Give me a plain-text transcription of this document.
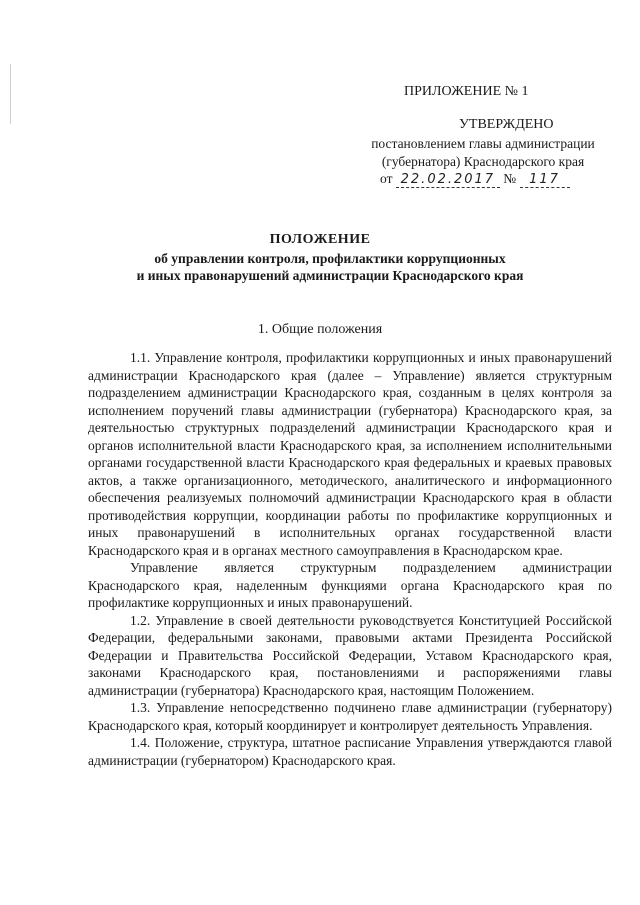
ПРИЛОЖЕНИЕ № 1
УТВЕРЖДЕНО
постановлением главы администрации
(губернатора) Краснодарского края
от 22.02.2017 № 117
ПОЛОЖЕНИЕ
об управлении контроля, профилактики коррупционных
и иных правонарушений администрации Краснодарского края
1. Общие положения

1.1. Управление контроля, профилактики коррупционных и иных правонарушений администрации Краснодарского края (далее – Управление) является структурным подразделением администрации Краснодарского края, созданным в целях контроля за исполнением поручений главы администрации (губернатора) Краснодарского края, за деятельностью структурных подразделений администрации Краснодарского края и органов исполнительной власти Краснодарского края, за исполнением исполнительными органами государственной власти Краснодарского края федеральных и краевых правовых актов, а также организационного, методического, аналитического и информационного обеспечения реализуемых полномочий администрации Краснодарского края в области противодействия коррупции, координации работы по профилактике коррупционных и иных правонарушений в исполнительных органах государственной власти Краснодарского края и в органах местного самоуправления в Краснодарском крае.

Управление является структурным подразделением администрации Краснодарского края, наделенным функциями органа Краснодарского края по профилактике коррупционных и иных правонарушений.

1.2. Управление в своей деятельности руководствуется Конституцией Российской Федерации, федеральными законами, правовыми актами Президента Российской Федерации и Правительства Российской Федерации, Уставом Краснодарского края, законами Краснодарского края, постановлениями и распоряжениями главы администрации (губернатора) Краснодарского края, настоящим Положением.

1.3. Управление непосредственно подчинено главе администрации (губернатору) Краснодарского края, который координирует и контролирует деятельность Управления.

1.4. Положение, структура, штатное расписание Управления утверждаются главой администрации (губернатором) Краснодарского края.
